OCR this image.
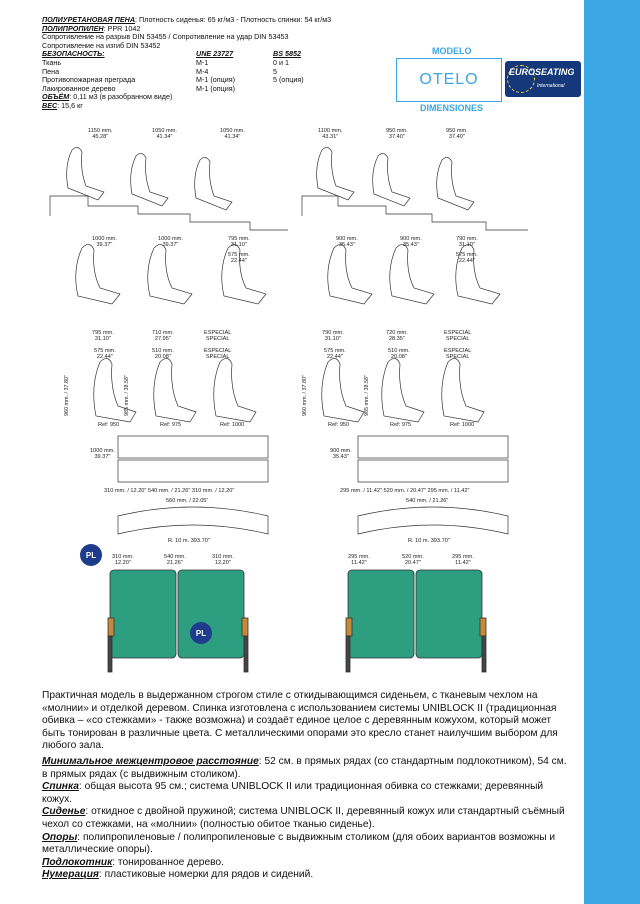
ПОЛИУРЕТАНОВАЯ ПЕНА : Плотность сиденья: 65 кг/м3 - Плотность спинки: 54 кг/м3
ПОЛИПРОПИЛЕН : PPR 1042
Сопротивление на разрыв DIN 53455 / Сопротивление на удар DIN 53453
Сопротивление на изгиб DIN 53452
БЕЗОПАСНОСТЬ:	UNE 23727	BS 5852
Ткань	M-1	0 и 1
Пена	M-4	5
Противопожарная преграда	M-1 (опция)	5 (опция)
Лакированное дерево	M-1 (опция)
ОБЪЁМ : 0,11 м3 (в разобранном виде)
ВЕС : 15,6 кг
MODELO
OTELO	EUROSEATING
International
DIMENSIONES
1150 mm.
45.28"
1050 mm.
41.34"
1050 mm.
41.34"
1100 mm.
43.31"
950 mm.
37.40"
950 mm.
37.40"
1000 mm.
39.37"
1000 mm.
39.37"
795 mm.
31.10"
575 mm.
22.44"
900 mm.
35.43"
900 mm.
35.43"
790 mm.
31.10"
575 mm.
22.44"
795 mm.
31.10"
710 mm.
27.95"
ESPECIAL
SPECIAL
575 mm.
22.44"
510 mm.
20.08"
ESPECIAL
SPECIAL
790 mm.
31.10"
720 mm.
28.35"
ESPECIAL
SPECIAL
575 mm.
22.44"
510 mm.
20.08"
ESPECIAL
SPECIAL
960 mm. / 37.80"	985 mm. / 38.58"	960 mm. / 37.80"	985 mm. / 38.58"
Ref: 950	Ref: 975	Ref: 1000	Ref: 950	Ref: 975	Ref: 1000
1000 mm.
39.37"
900 mm.
35.43"
310 mm. / 12.20" 540 mm. / 21.26" 310 mm. / 12.20"	295 mm. / 11.42" 520 mm. / 20.47" 295 mm. / 11.42"
560 mm. / 22.05"	540 mm. / 21.26"
R. 10 m. 393.70"	R. 10 m. 393.70"
310 mm.
12.20"
540 mm.
21.26"
310 mm.
12.20"
295 mm.
11.42"
520 mm.
20.47"
295 mm.
11.42"
PL
PL
Практичная модель в выдержанном строгом стиле с откидывающимся сиденьем, с тканевым чехлом на «молнии» и отделкой деревом. Спинка изготовлена с использованием системы UNIBLOCK II (традиционная обивка – «со стежками» - также возможна) и создаёт единое целое с деревянным кожухом, который может быть тонирован в различные цвета. С металлическими опорами это кресло станет наилучшим выбором для любого зала.

Минимальное межцентровое расстояние: 52 см. в прямых рядах (со стандартным подлокотником), 54 см. в прямых рядах (с выдвижным столиком).

Спинка: общая высота 95 см.; система UNIBLOCK II или традиционная обивка со стежками; деревянный кожух.

Сиденье: откидное с двойной пружиной; система UNIBLOCK II, деревянный кожух или стандартный съёмный чехол со стежками, на «молнии» (полностью обитое тканью сиденье).

Опоры: полипропиленовые / полипропиленовые с выдвижным столиком (для обоих вариантов возможны и металлические опоры).

Подлокотник: тонированное дерево.

Нумерация: пластиковые номерки для рядов и сидений.
